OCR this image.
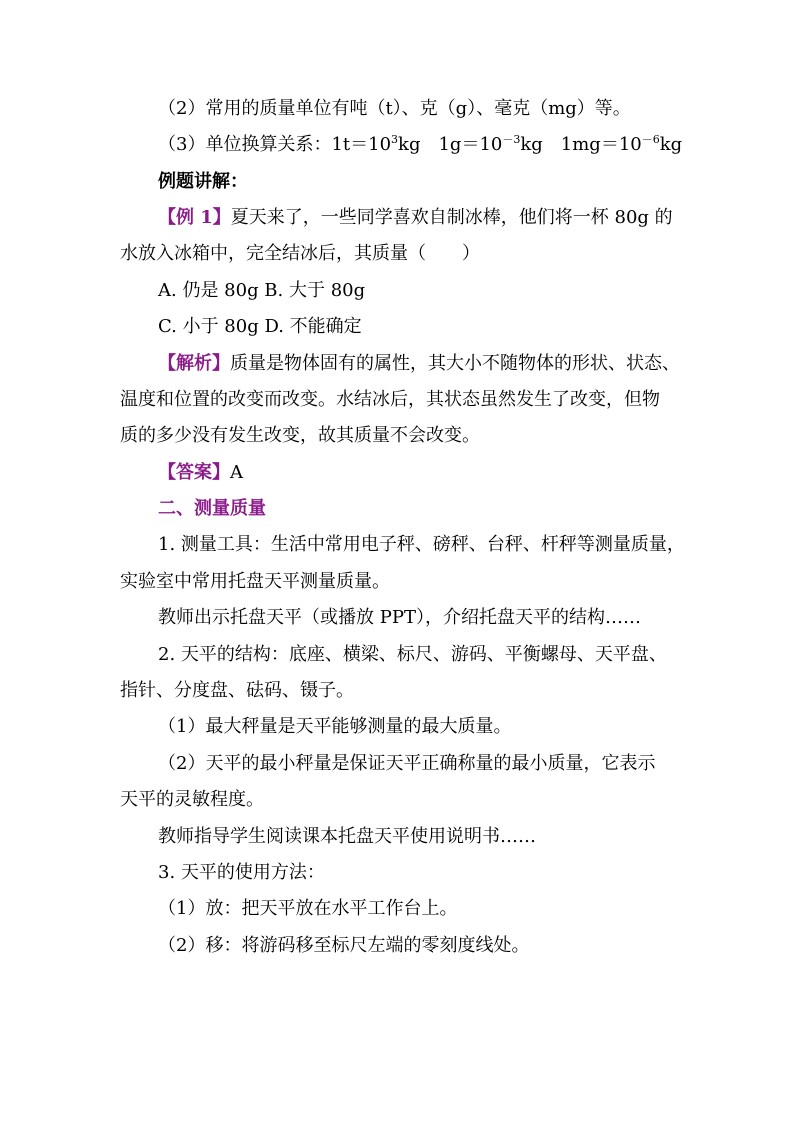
（2）常用的质量单位有吨（t）、克（g）、毫克（mg）等。
（3）单位换算关系：$1t=10^3kg$　$1g=10^{-3}kg$　$1mg=10^{-6}kg$
例题讲解：
【例 1】夏天来了，一些同学喜欢自制冰棒，他们将一杯 80g 的
水放入冰箱中，完全结冰后，其质量（　　）
A. 仍是 80g B. 大于 80g
C. 小于 80g D. 不能确定
【解析】质量是物体固有的属性，其大小不随物体的形状、状态、
温度和位置的改变而改变。水结冰后，其状态虽然发生了改变，但物
质的多少没有发生改变，故其质量不会改变。
【答案】A
二、测量质量
1. 测量工具：生活中常用电子秤、磅秤、台秤、杆秤等测量质量，
实验室中常用托盘天平测量质量。
教师出示托盘天平（或播放 PPT），介绍托盘天平的结构……
2. 天平的结构：底座、横梁、标尺、游码、平衡螺母、天平盘、
指针、分度盘、砝码、镊子。
（1）最大秤量是天平能够测量的最大质量。
（2）天平的最小秤量是保证天平正确称量的最小质量，它表示
天平的灵敏程度。
教师指导学生阅读课本托盘天平使用说明书……
3. 天平的使用方法：
（1）放：把天平放在水平工作台上。
（2）移：将游码移至标尺左端的零刻度线处。
